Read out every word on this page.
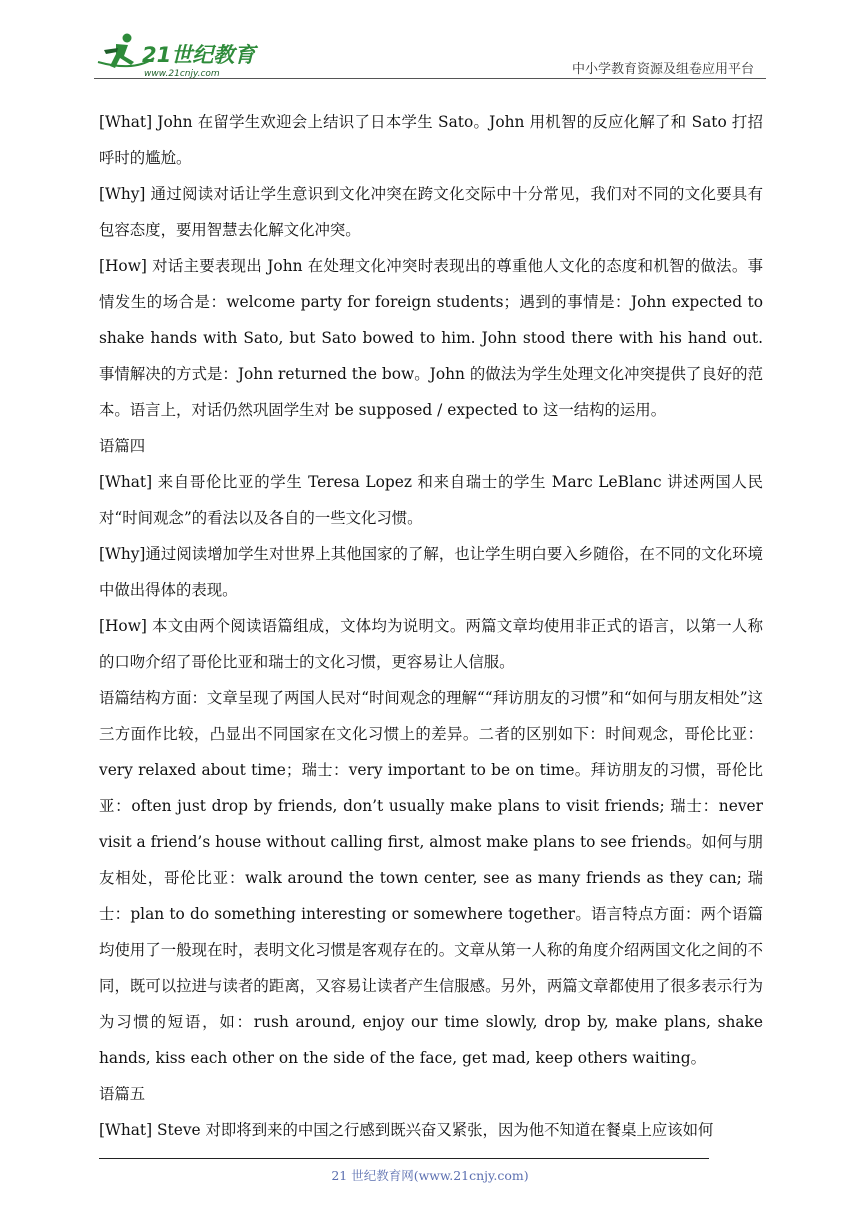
21世纪教育
www.21cnjy.com	中小学教育资源及组卷应用平台

[What] John 在留学生欢迎会上结识了日本学生 Sato。John 用机智的反应化解了和 Sato 打招呼时的尴尬。

[Why] 通过阅读对话让学生意识到文化冲突在跨文化交际中十分常见，我们对不同的文化要具有包容态度，要用智慧去化解文化冲突。

[How] 对话主要表现出 John 在处理文化冲突时表现出的尊重他人文化的态度和机智的做法。事情发生的场合是：welcome party for foreign students；遇到的事情是：John expected to shake hands with Sato, but Sato bowed to him. John stood there with his hand out. 事情解决的方式是：John returned the bow。John 的做法为学生处理文化冲突提供了良好的范本。语言上，对话仍然巩固学生对 be supposed / expected to 这一结构的运用。

语篇四

[What] 来自哥伦比亚的学生 Teresa Lopez 和来自瑞士的学生 Marc LeBlanc 讲述两国人民对“时间观念”的看法以及各自的一些文化习惯。

[Why]通过阅读增加学生对世界上其他国家的了解，也让学生明白要入乡随俗，在不同的文化环境中做出得体的表现。

[How] 本文由两个阅读语篇组成，文体均为说明文。两篇文章均使用非正式的语言，以第一人称的口吻介绍了哥伦比亚和瑞士的文化习惯，更容易让人信服。

语篇结构方面：文章呈现了两国人民对“时间观念的理解““拜访朋友的习惯”和“如何与朋友相处”这三方面作比较，凸显出不同国家在文化习惯上的差异。二者的区别如下：时间观念，哥伦比亚：very relaxed about time；瑞士：very important to be on time。拜访朋友的习惯，哥伦比亚：often just drop by friends, don’t usually make plans to visit friends; 瑞士：never visit a friend’s house without calling first, almost make plans to see friends。如何与朋友相处，哥伦比亚：walk around the town center, see as many friends as they can; 瑞士：plan to do something interesting or somewhere together。语言特点方面：两个语篇均使用了一般现在时，表明文化习惯是客观存在的。文章从第一人称的角度介绍两国文化之间的不同，既可以拉进与读者的距离，又容易让读者产生信服感。另外，两篇文章都使用了很多表示行为为习惯的短语，如：rush around, enjoy our time slowly, drop by, make plans, shake hands, kiss each other on the side of the face, get mad, keep others waiting。

语篇五

[What] Steve 对即将到来的中国之行感到既兴奋又紧张，因为他不知道在餐桌上应该如何

21 世纪教育网(www.21cnjy.com)
